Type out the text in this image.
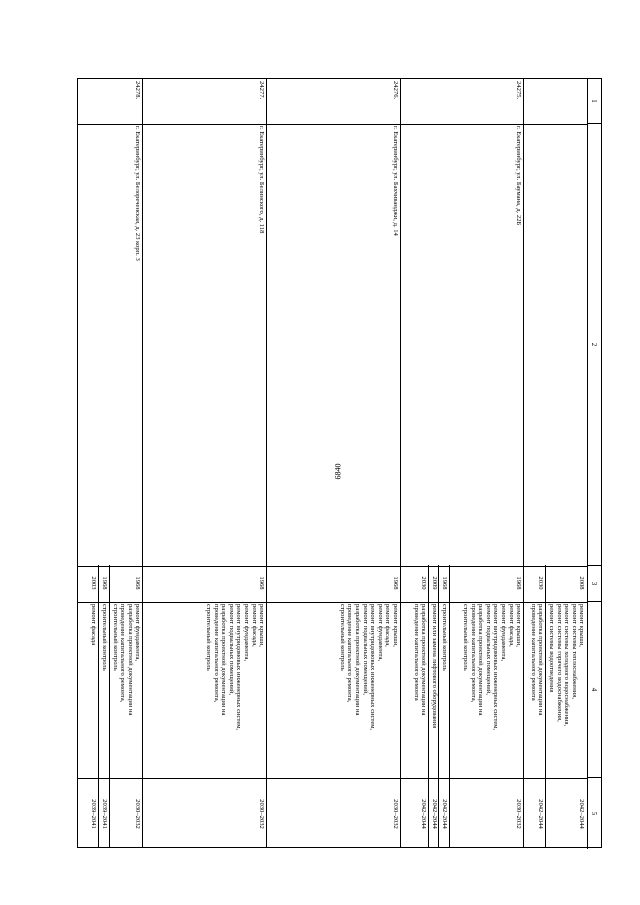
6840
1
2
3
4
5
2008
ремонт крыши,
ремонт системы теплоснабжения,
ремонт системы холодного водоснабжения,
ремонт системы горячего водоснабжения,
ремонт системы водоотведения
2042–2044
2030
разработка проектной документации на
проведение капитального ремонта
2042–2044
24275.
г. Екатеринбург, ул. Бауманa, д. 22Б
1968
ремонт крыши,
ремонт фасада,
ремонт фундамента,
ремонт внутридомовых инженерных систем,
ремонт подвальных помещений,
разработка проектной документации на
проведение капитального ремонта,
строительный контроль
2030–2032
1968
строительный контроль
2042–2044
2009
ремонт или замена лифтового оборудования
2042–2044
2030
разработка проектной документации на
проведение капитального ремонта
2042–2044
24276.
г. Екатеринбург, ул. Бахчиванджи, д. 14
1968
ремонт крыши,
ремонт фасада,
ремонт фундамента,
ремонт внутридомовых инженерных систем,
ремонт подвальных помещений,
разработка проектной документации на
проведение капитального ремонта,
строительный контроль
2030–2032
24277.
г. Екатеринбург, ул. Белинского, д. 118
1968
ремонт крыши,
ремонт фасада,
ремонт фундамента,
ремонт внутридомовых инженерных систем,
ремонт подвальных помещений,
разработка проектной документации на
проведение капитального ремонта,
строительный контроль
2030–2032
24278.
г. Екатеринбург, ул. Белореченская, д. 23 корп. 3
1968
ремонт фундамента,
разработка проектной документации на
проведение капитального ремонта,
строительный контроль
2030–2032
1968
строительный контроль
2039–2041
2003
ремонт фасада
2039–2041
